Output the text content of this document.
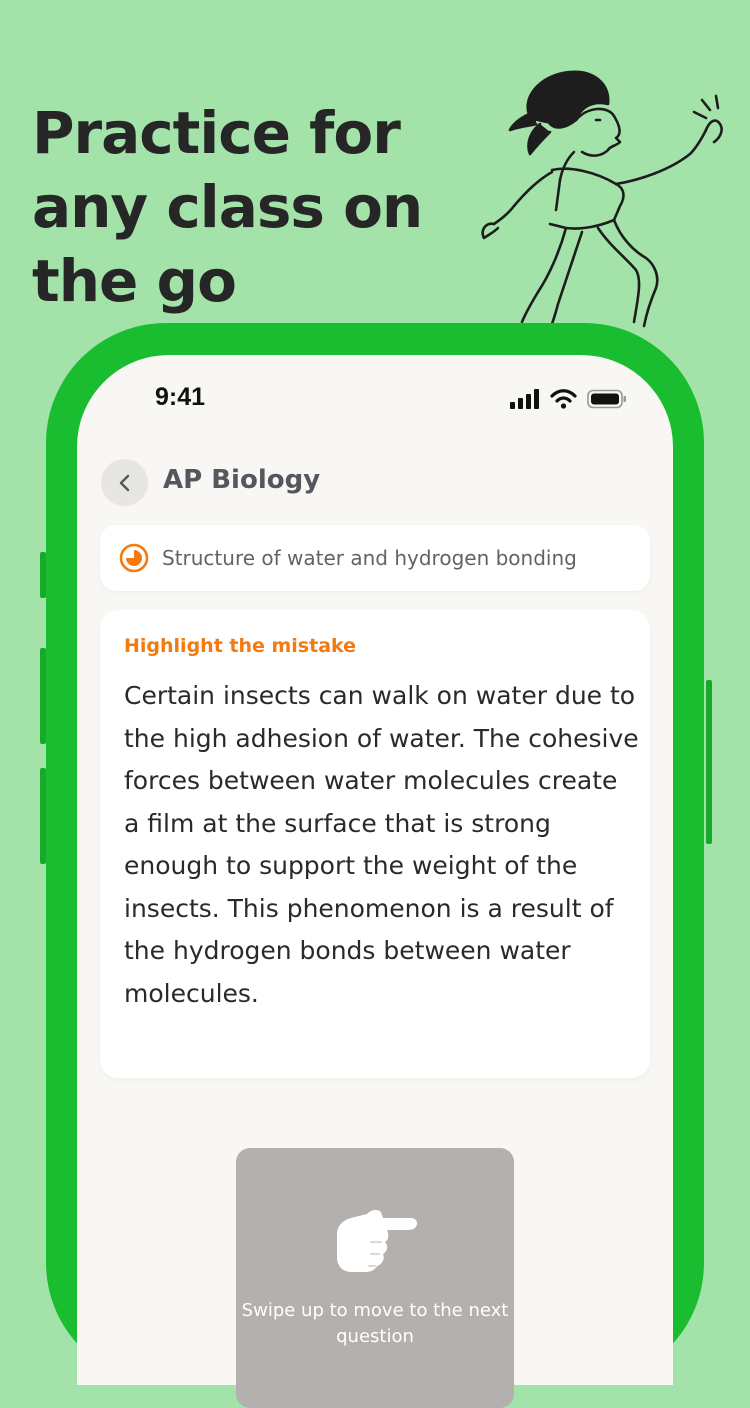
Practice for any class on the go
9:41
AP Biology
Structure of water and hydrogen bonding
Highlight the mistake
Certain insects can walk on water due to the high adhesion of water. The cohesive forces between water molecules create a film at the surface that is strong enough to support the weight of the insects. This phenomenon is a result of the hydrogen bonds between water molecules.
Swipe up to move to the next question
